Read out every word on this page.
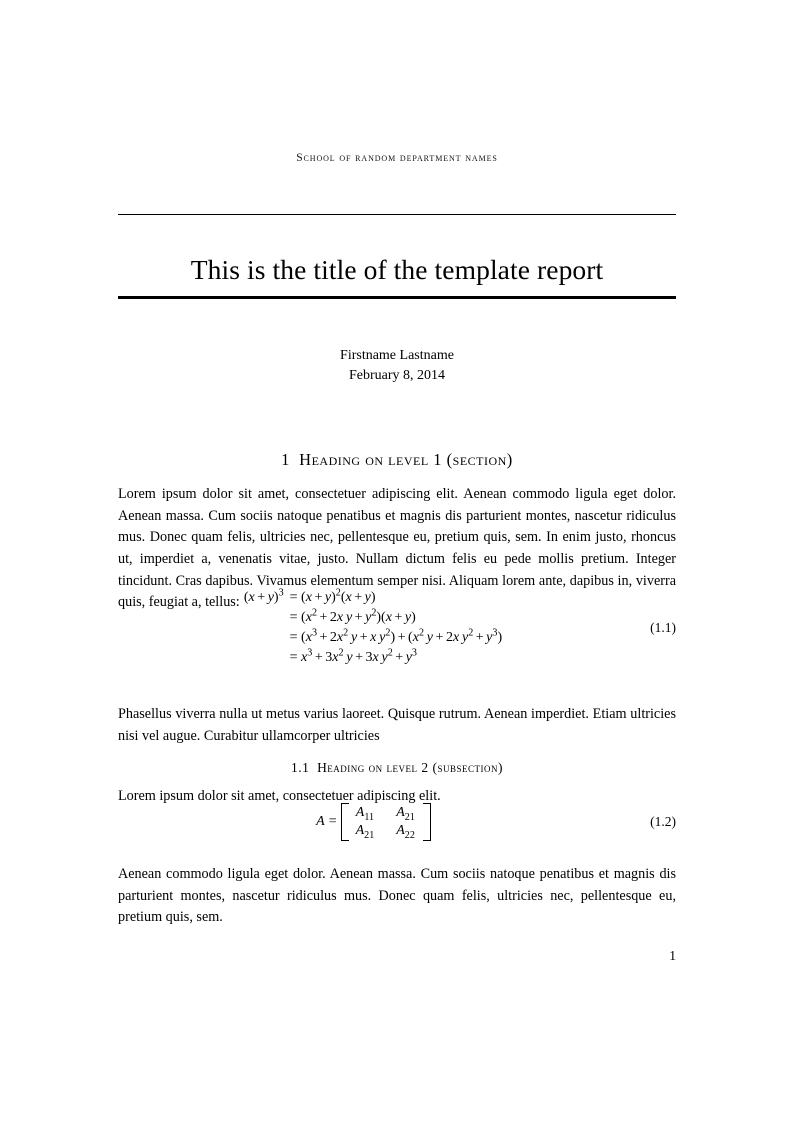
School of random department names
This is the title of the template report
Firstname Lastname
February 8, 2014
1 Heading on level 1 (section)

Lorem ipsum dolor sit amet, consectetuer adipiscing elit. Aenean commodo ligula eget dolor. Aenean massa. Cum sociis natoque penatibus et magnis dis parturient montes, nascetur ridiculus mus. Donec quam felis, ultricies nec, pellentesque eu, pretium quis, sem. In enim justo, rhoncus ut, imperdiet a, venenatis vitae, justo. Nullam dictum felis eu pede mollis pretium. Integer tincidunt. Cras dapibus. Vivamus elementum semper nisi. Aliquam lorem ante, dapibus in, viverra quis, feugiat a, tellus: $(x + y)^3 = (x + y)^2(x + y)$
= ($x^2 + 2x$ $y + y^2)(x + y)$
= ($x^3 + 2x^2$ y + x $y^2) + (x^2$ y + 2x $y^2 + y^3$)
= $x^3 + 3x^2$ y + 3x $y^2 + y^3$
(1.1)

Phasellus viverra nulla ut metus varius laoreet. Quisque rutrum. Aenean imperdiet. Etiam ultricies nisi vel augue. Curabitur ullamcorper ultricies

1.1 Heading on level 2 (subsection)

Lorem ipsum dolor sit amet, consectetuer adipiscing elit.

A =
$A_{11}$ $A_{21}$
$A_{21}$ $A_{22}$
(1.2)

Aenean commodo ligula eget dolor. Aenean massa. Cum sociis natoque penatibus et magnis dis parturient montes, nascetur ridiculus mus. Donec quam felis, ultricies nec, pellentesque eu, pretium quis, sem.

1
